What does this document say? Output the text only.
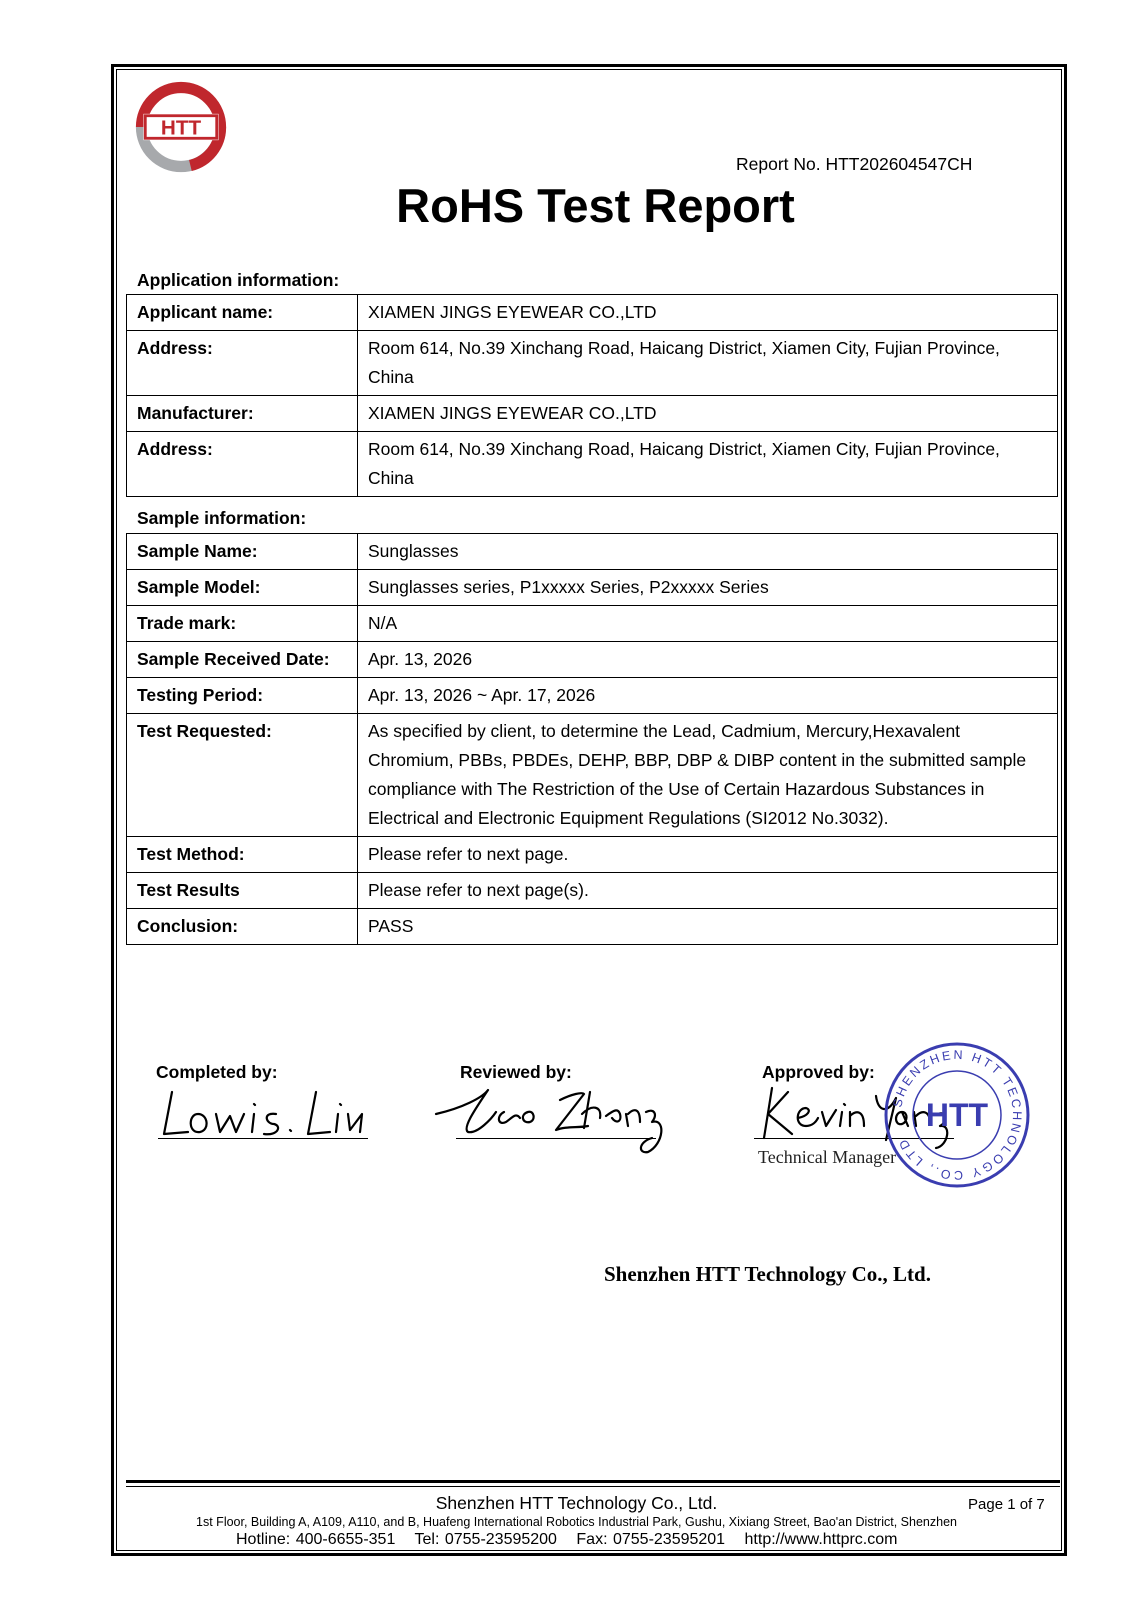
HTT
Report No. HTT202604547CH
RoHS Test Report
Application information:
Applicant name:	XIAMEN JINGS EYEWEAR CO.,LTD
Address:	Room 614, No.39 Xinchang Road, Haicang District, Xiamen City, Fujian Province, China
Manufacturer:	XIAMEN JINGS EYEWEAR CO.,LTD
Address:	Room 614, No.39 Xinchang Road, Haicang District, Xiamen City, Fujian Province, China
Sample information:
Sample Name:	Sunglasses
Sample Model:	Sunglasses series, P1xxxxx Series, P2xxxxx Series
Trade mark:	N/A
Sample Received Date:	Apr. 13, 2026
Testing Period:	Apr. 13, 2026 ~ Apr. 17, 2026
Test Requested:	As specified by client, to determine the Lead, Cadmium, Mercury,Hexavalent Chromium, PBBs, PBDEs, DEHP, BBP, DBP & DIBP content in the submitted sample compliance with The Restriction of the Use of Certain Hazardous Substances in Electrical and Electronic Equipment Regulations (SI2012 No.3032).
Test Method:	Please refer to next page.
Test Results	Please refer to next page(s).
Conclusion:	PASS
Completed by:	Reviewed by:	Approved by:
Technical Manager
SHENZHEN HTT TECHNOLOGY CO., LTD
HTT
Shenzhen HTT Technology Co., Ltd.
Shenzhen HTT Technology Co., Ltd.	Page 1 of 7
1st Floor, Building A, A109, A110, and B, Huafeng International Robotics Industrial Park, Gushu, Xixiang Street, Bao'an District, Shenzhen
Hotline: 400-6655-351 Tel: 0755-23595200 Fax: 0755-23595201 http://www.httprc.com
